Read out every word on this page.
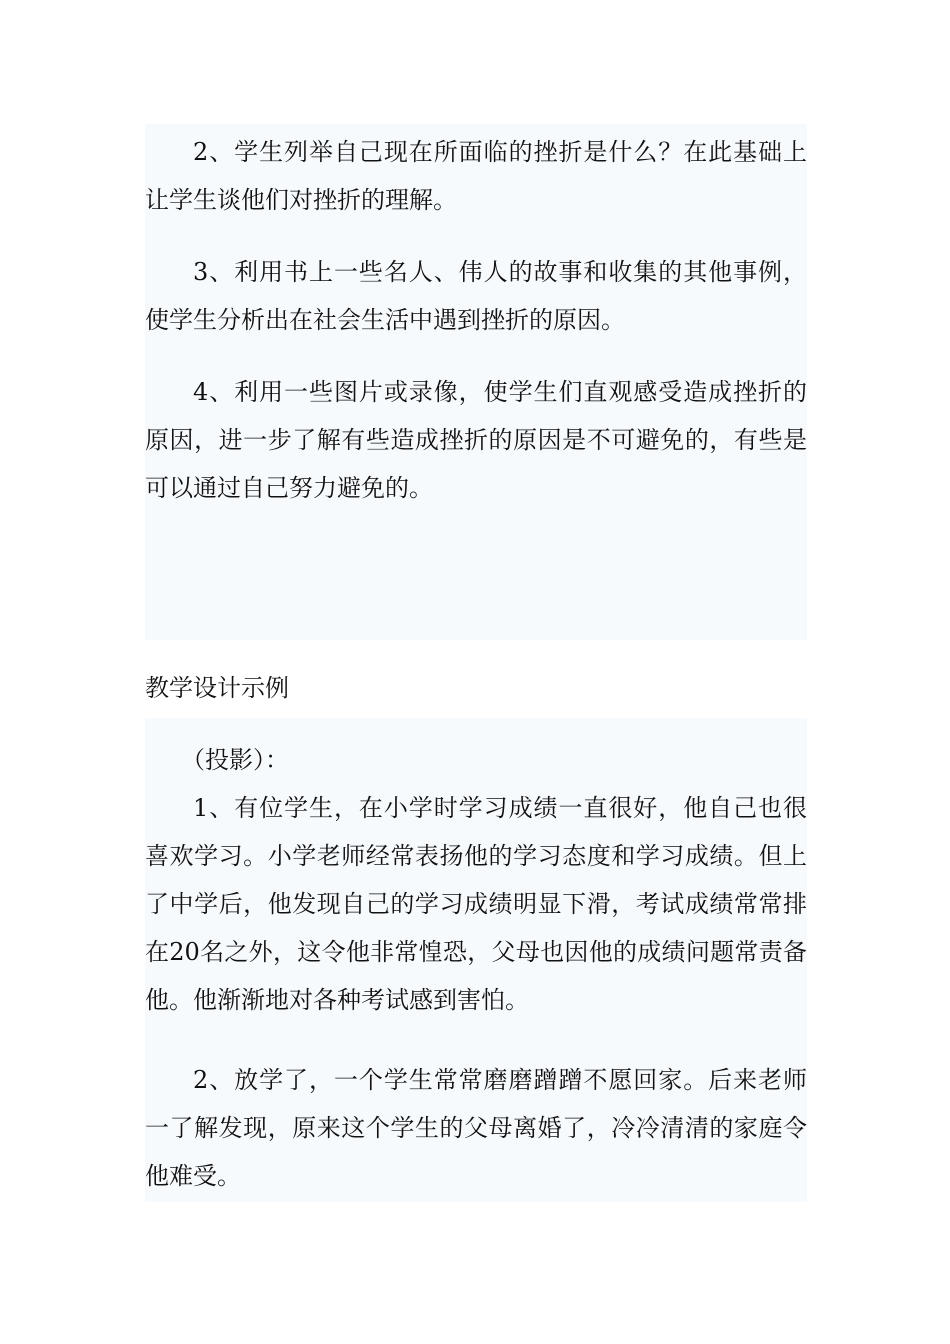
2、学生列举自己现在所面临的挫折是什么？在此基础上让学生谈他们对挫折的理解。

3、利用书上一些名人、伟人的故事和收集的其他事例，使学生分析出在社会生活中遇到挫折的原因。

4、利用一些图片或录像，使学生们直观感受造成挫折的原因，进一步了解有些造成挫折的原因是不可避免的，有些是可以通过自己努力避免的。

教学设计示例

（投影）：

1、有位学生，在小学时学习成绩一直很好，他自己也很喜欢学习。小学老师经常表扬他的学习态度和学习成绩。但上了中学后，他发现自己的学习成绩明显下滑，考试成绩常常排在20名之外，这令他非常惶恐，父母也因他的成绩问题常责备他。他渐渐地对各种考试感到害怕。

2、放学了，一个学生常常磨磨蹭蹭不愿回家。后来老师一了解发现，原来这个学生的父母离婚了，冷冷清清的家庭令他难受。
